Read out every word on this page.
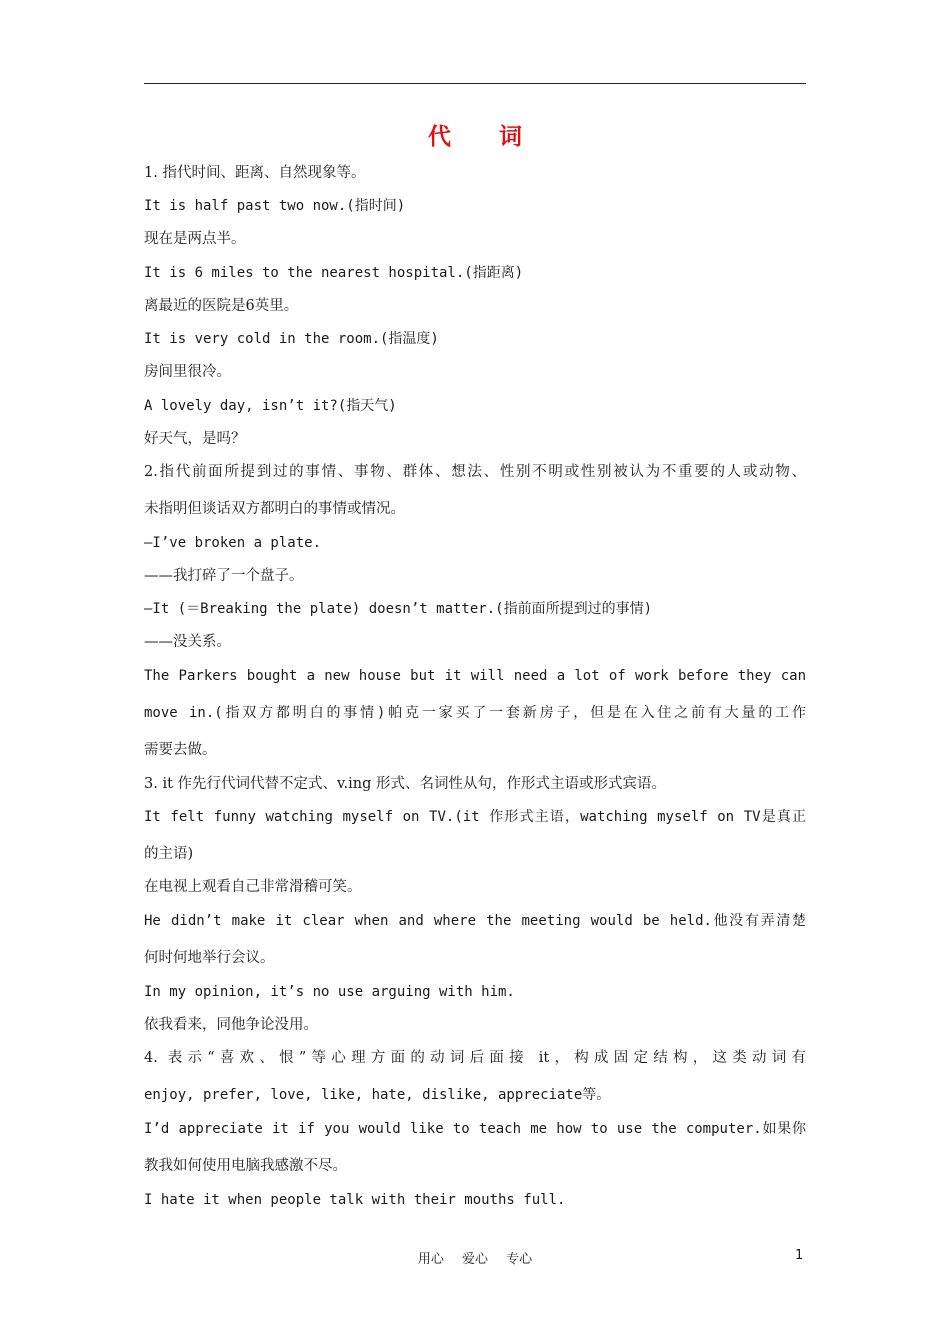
代 词
1. 指代时间、距离、自然现象等。
It is half past two now.(指时间)
现在是两点半。
It is 6 miles to the nearest hospital.(指距离)
离最近的医院是6英里。
It is very cold in the room.(指温度)
房间里很冷。
A lovely day, isn’t it?(指天气)
好天气，是吗？
2.指代前面所提到过的事情、事物、群体、想法、性别不明或性别被认为不重要的人或动物、
未指明但谈话双方都明白的事情或情况。
—I’ve broken a plate.
——我打碎了一个盘子。
—It (＝Breaking the plate) doesn’t matter.(指前面所提到过的事情)
——没关系。
The Parkers bought a new house but it will need a lot of work before they can
move in.(指双方都明白的事情)帕克一家买了一套新房子，但是在入住之前有大量的工作
需要去做。
3. it 作先行代词代替不定式、v.ing 形式、名词性从句，作形式主语或形式宾语。
It felt funny watching myself on TV.(it 作形式主语，watching myself on TV是真正
的主语)
在电视上观看自己非常滑稽可笑。
He didn’t make it clear when and where the meeting would be held.他没有弄清楚
何时何地举行会议。
In my opinion, it’s no use arguing with him.
依我看来，同他争论没用。
4. 表示“喜欢、恨”等心理方面的动词后面接 it，构成固定结构，这类动词有
enjoy, prefer, love, like, hate, dislike, appreciate等。
I’d appreciate it if you would like to teach me how to use the computer.如果你
教我如何使用电脑我感激不尽。
I hate it when people talk with their mouths full.
用心 爱心 专心	1
